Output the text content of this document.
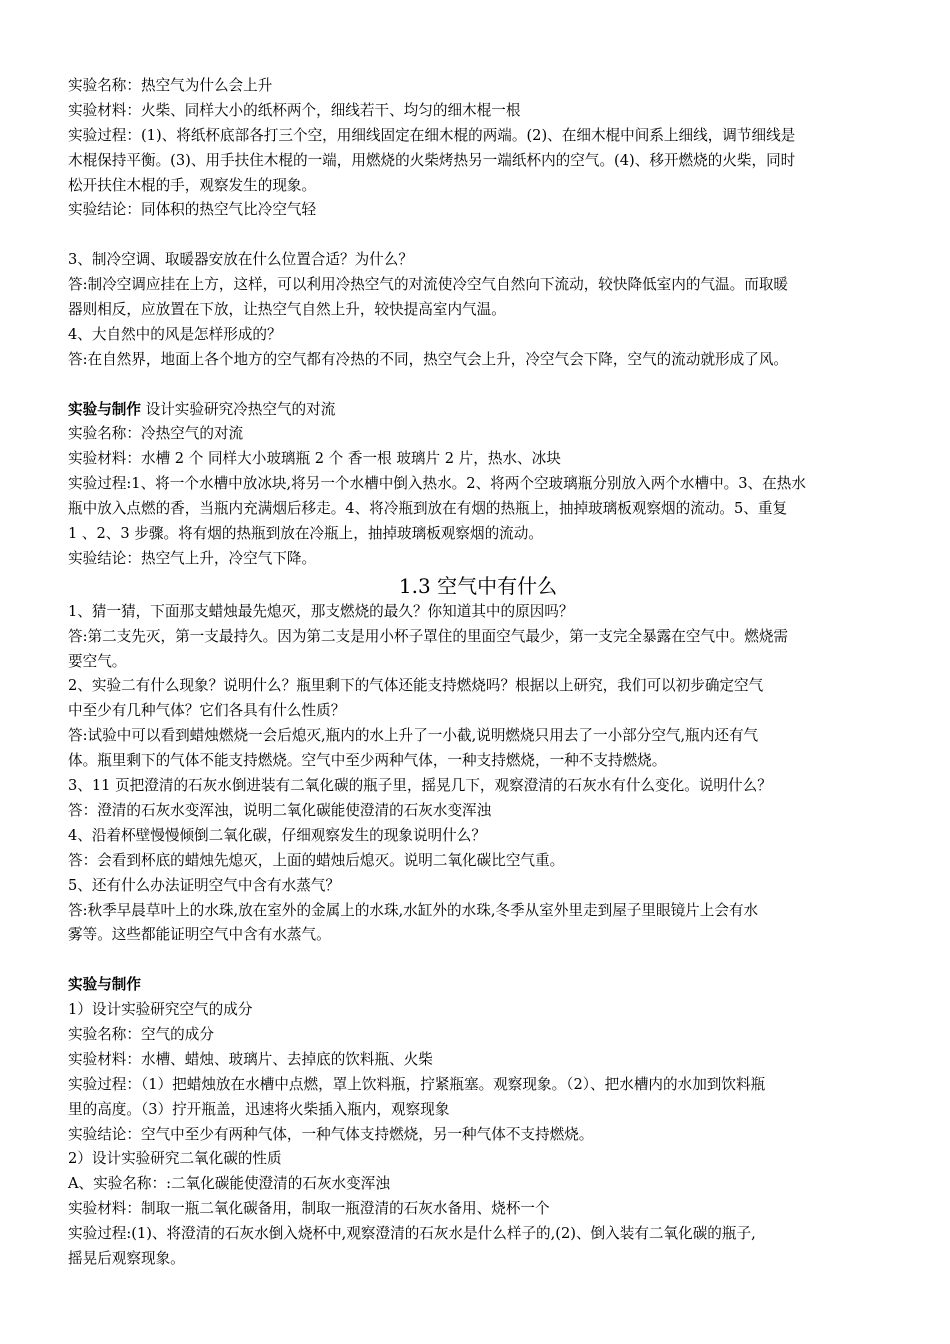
实验名称：热空气为什么会上升
实验材料：火柴、同样大小的纸杯两个，细线若干、均匀的细木棍一根
实验过程：(1)、将纸杯底部各打三个空，用细线固定在细木棍的两端。(2)、在细木棍中间系上细线，调节细线是
木棍保持平衡。(3)、用手扶住木棍的一端，用燃烧的火柴烤热另一端纸杯内的空气。(4)、移开燃烧的火柴，同时
松开扶住木棍的手，观察发生的现象。
实验结论：同体积的热空气比冷空气轻
3、制冷空调、取暖器安放在什么位置合适？为什么？
答:制冷空调应挂在上方，这样，可以利用冷热空气的对流使冷空气自然向下流动，较快降低室内的气温。而取暖
器则相反，应放置在下放，让热空气自然上升，较快提高室内气温。
4、大自然中的风是怎样形成的？
答:在自然界，地面上各个地方的空气都有冷热的不同，热空气会上升，冷空气会下降，空气的流动就形成了风。
实验与制作 设计实验研究冷热空气的对流
实验名称：冷热空气的对流
实验材料：水槽 2 个 同样大小玻璃瓶 2 个 香一根 玻璃片 2 片，热水、冰块
实验过程:1、将一个水槽中放冰块,将另一个水槽中倒入热水。2、将两个空玻璃瓶分别放入两个水槽中。3、在热水
瓶中放入点燃的香，当瓶内充满烟后移走。4、将冷瓶到放在有烟的热瓶上，抽掉玻璃板观察烟的流动。5、重复
1 、2、3 步骤。将有烟的热瓶到放在冷瓶上，抽掉玻璃板观察烟的流动。
实验结论：热空气上升，冷空气下降。
1.3 空气中有什么
1、猜一猜，下面那支蜡烛最先熄灭，那支燃烧的最久？你知道其中的原因吗？
答:第二支先灭，第一支最持久。因为第二支是用小杯子罩住的里面空气最少，第一支完全暴露在空气中。燃烧需
要空气。
2、实验二有什么现象？说明什么？瓶里剩下的气体还能支持燃烧吗？根据以上研究，我们可以初步确定空气
中至少有几种气体？它们各具有什么性质？
答:试验中可以看到蜡烛燃烧一会后熄灭,瓶内的水上升了一小截,说明燃烧只用去了一小部分空气,瓶内还有气
体。瓶里剩下的气体不能支持燃烧。空气中至少两种气体，一种支持燃烧，一种不支持燃烧。
3、11 页把澄清的石灰水倒进装有二氧化碳的瓶子里，摇晃几下，观察澄清的石灰水有什么变化。说明什么？
答：澄清的石灰水变浑浊，说明二氧化碳能使澄清的石灰水变浑浊
4、沿着杯壁慢慢倾倒二氧化碳，仔细观察发生的现象说明什么？
答：会看到杯底的蜡烛先熄灭，上面的蜡烛后熄灭。说明二氧化碳比空气重。
5、还有什么办法证明空气中含有水蒸气？
答:秋季早晨草叶上的水珠,放在室外的金属上的水珠,水缸外的水珠,冬季从室外里走到屋子里眼镜片上会有水
雾等。这些都能证明空气中含有水蒸气。
实验与制作
1）设计实验研究空气的成分
实验名称：空气的成分
实验材料：水槽、蜡烛、玻璃片、去掉底的饮料瓶、火柴
实验过程：（1）把蜡烛放在水槽中点燃，罩上饮料瓶，拧紧瓶塞。观察现象。（2）、把水槽内的水加到饮料瓶
里的高度。（3）拧开瓶盖，迅速将火柴插入瓶内，观察现象
实验结论：空气中至少有两种气体，一种气体支持燃烧，另一种气体不支持燃烧。
2）设计实验研究二氧化碳的性质
A、实验名称：:二氧化碳能使澄清的石灰水变浑浊
实验材料：制取一瓶二氧化碳备用，制取一瓶澄清的石灰水备用、烧杯一个
实验过程:(1)、将澄清的石灰水倒入烧杯中,观察澄清的石灰水是什么样子的,(2)、倒入装有二氧化碳的瓶子,
摇晃后观察现象。
